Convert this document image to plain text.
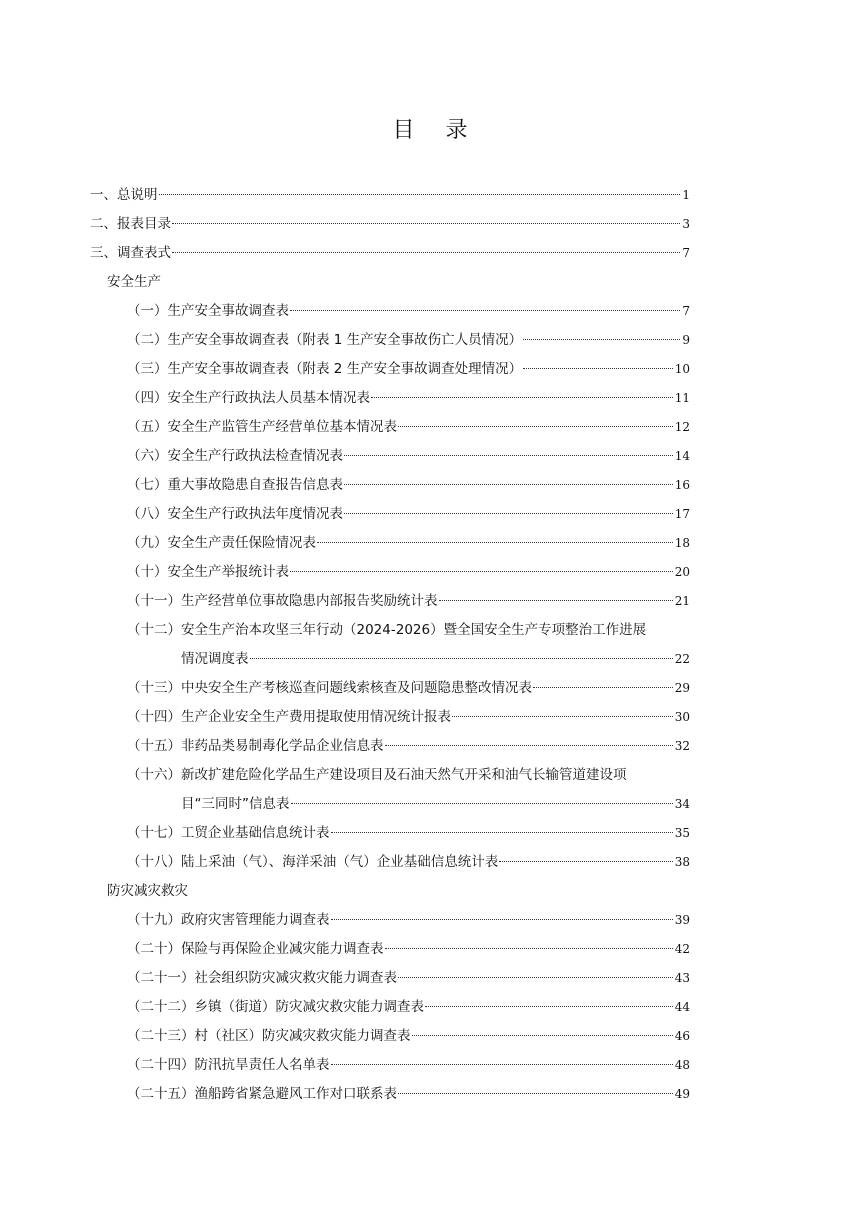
目 录
一、总说明	1
二、报表目录	3
三、调查表式	7
安全生产
（一）生产安全事故调查表	7
（二）生产安全事故调查表（附表 1 生产安全事故伤亡人员情况）	9
（三）生产安全事故调查表（附表 2 生产安全事故调查处理情况）	10
（四）安全生产行政执法人员基本情况表	11
（五）安全生产监管生产经营单位基本情况表	12
（六）安全生产行政执法检查情况表	14
（七）重大事故隐患自查报告信息表	16
（八）安全生产行政执法年度情况表	17
（九）安全生产责任保险情况表	18
（十）安全生产举报统计表	20
（十一）生产经营单位事故隐患内部报告奖励统计表	21
（十二）安全生产治本攻坚三年行动（2024-2026）暨全国安全生产专项整治工作进展
情况调度表	22
（十三）中央安全生产考核巡查问题线索核查及问题隐患整改情况表	29
（十四）生产企业安全生产费用提取使用情况统计报表	30
（十五）非药品类易制毒化学品企业信息表	32
（十六）新改扩建危险化学品生产建设项目及石油天然气开采和油气长输管道建设项
目“三同时”信息表	34
（十七）工贸企业基础信息统计表	35
（十八）陆上采油（气）、海洋采油（气）企业基础信息统计表	38
防灾减灾救灾
（十九）政府灾害管理能力调查表	39
（二十）保险与再保险企业减灾能力调查表	42
（二十一）社会组织防灾减灾救灾能力调查表	43
（二十二）乡镇（街道）防灾减灾救灾能力调查表	44
（二十三）村（社区）防灾减灾救灾能力调查表	46
（二十四）防汛抗旱责任人名单表	48
（二十五）渔船跨省紧急避风工作对口联系表	49
